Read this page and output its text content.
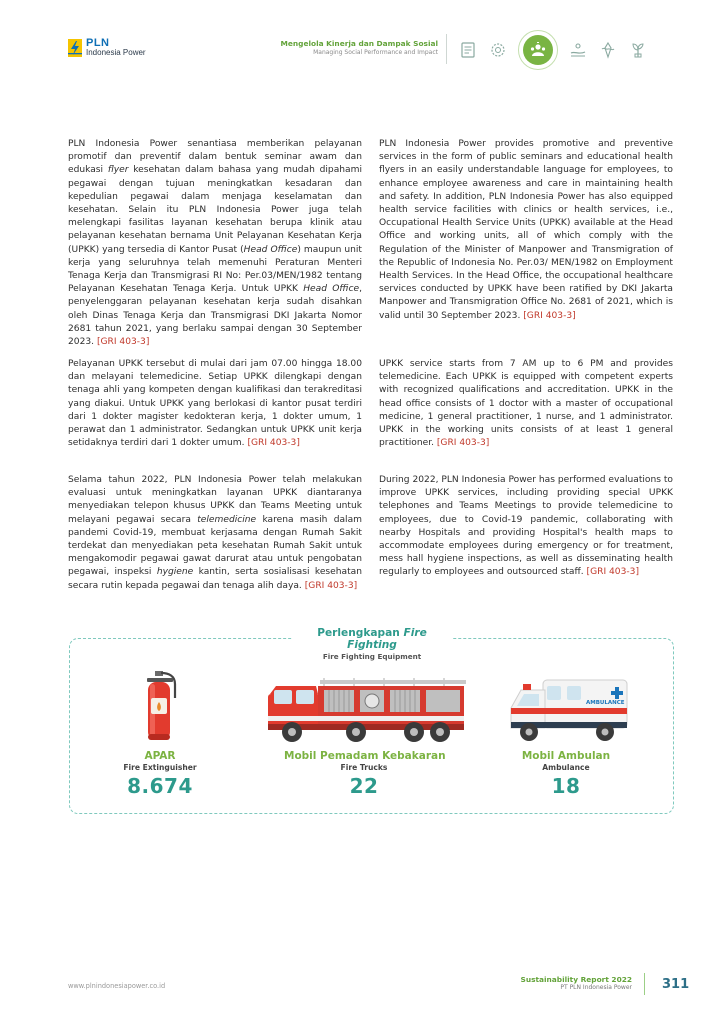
PLN
Indonesia Power
Mengelola Kinerja dan Dampak Sosial
Managing Social Performance and Impact

PLN Indonesia Power senantiasa memberikan pelayanan promotif dan preventif dalam bentuk seminar awam dan edukasi flyer kesehatan dalam bahasa yang mudah dipahami pegawai dengan tujuan meningkatkan kesadaran dan kepedulian pegawai dalam menjaga keselamatan dan kesehatan. Selain itu PLN Indonesia Power juga telah melengkapi fasilitas layanan kesehatan berupa klinik atau pelayanan kesehatan bernama Unit Pelayanan Kesehatan Kerja (UPKK) yang tersedia di Kantor Pusat (Head Office) maupun unit kerja yang seluruhnya telah memenuhi Peraturan Menteri Tenaga Kerja dan Transmigrasi RI No: Per.03/MEN/1982 tentang Pelayanan Kesehatan Tenaga Kerja. Untuk UPKK Head Office, penyelenggaran pelayanan kesehatan kerja sudah disahkan oleh Dinas Tenaga Kerja dan Transmigrasi DKI Jakarta Nomor 2681 tahun 2021, yang berlaku sampai dengan 30 September 2023. [GRI 403-3]

Pelayanan UPKK tersebut di mulai dari jam 07.00 hingga 18.00 dan melayani telemedicine. Setiap UPKK dilengkapi dengan tenaga ahli yang kompeten dengan kualifikasi dan terakreditasi yang diakui. Untuk UPKK yang berlokasi di kantor pusat terdiri dari 1 dokter magister kedokteran kerja, 1 dokter umum, 1 perawat dan 1 administrator. Sedangkan untuk UPKK unit kerja setidaknya terdiri dari 1 dokter umum. [GRI 403-3]

Selama tahun 2022, PLN Indonesia Power telah melakukan evaluasi untuk meningkatkan layanan UPKK diantaranya menyediakan telepon khusus UPKK dan Teams Meeting untuk melayani pegawai secara telemedicine karena masih dalam pandemi Covid-19, membuat kerjasama dengan Rumah Sakit terdekat dan menyediakan peta kesehatan Rumah Sakit untuk mengakomodir pegawai gawat darurat atau untuk pengobatan pegawai, inspeksi hygiene kantin, serta sosialisasi kesehatan secara rutin kepada pegawai dan tenaga alih daya. [GRI 403-3]

PLN Indonesia Power provides promotive and preventive services in the form of public seminars and educational health flyers in an easily understandable language for employees, to enhance employee awareness and care in maintaining health and safety. In addition, PLN Indonesia Power has also equipped health service facilities with clinics or health services, i.e., Occupational Health Service Units (UPKK) available at the Head Office and working units, all of which comply with the Regulation of the Minister of Manpower and Transmigration of the Republic of Indonesia No. Per.03/ MEN/1982 on Employment Health Services. In the Head Office, the occupational healthcare services conducted by UPKK have been ratified by DKI Jakarta Manpower and Transmigration Office No. 2681 of 2021, which is valid until 30 September 2023. [GRI 403-3]

UPKK service starts from 7 AM up to 6 PM and provides telemedicine. Each UPKK is equipped with competent experts with recognized qualifications and accreditation. UPKK in the head office consists of 1 doctor with a master of occupational medicine, 1 general practitioner, 1 nurse, and 1 administrator. UPKK in the working units consists of at least 1 general practitioner. [GRI 403-3]

During 2022, PLN Indonesia Power has performed evaluations to improve UPKK services, including providing special UPKK telephones and Teams Meetings to provide telemedicine to employees, due to Covid-19 pandemic, collaborating with nearby Hospitals and providing Hospital's health maps to accommodate employees during emergency or for treatment, mess hall hygiene inspections, as well as disseminating health regularly to employees and outsourced staff. [GRI 403-3]

Perlengkapan Fire Fighting
Fire Fighting Equipment
AMBULANCE
APAR
Fire Extinguisher
8.674
Mobil Pemadam Kebakaran
Fire Trucks
22
Mobil Ambulan
Ambulance
18
www.plnindonesiapower.co.id
Sustainability Report 2022
PT PLN Indonesia Power 311
